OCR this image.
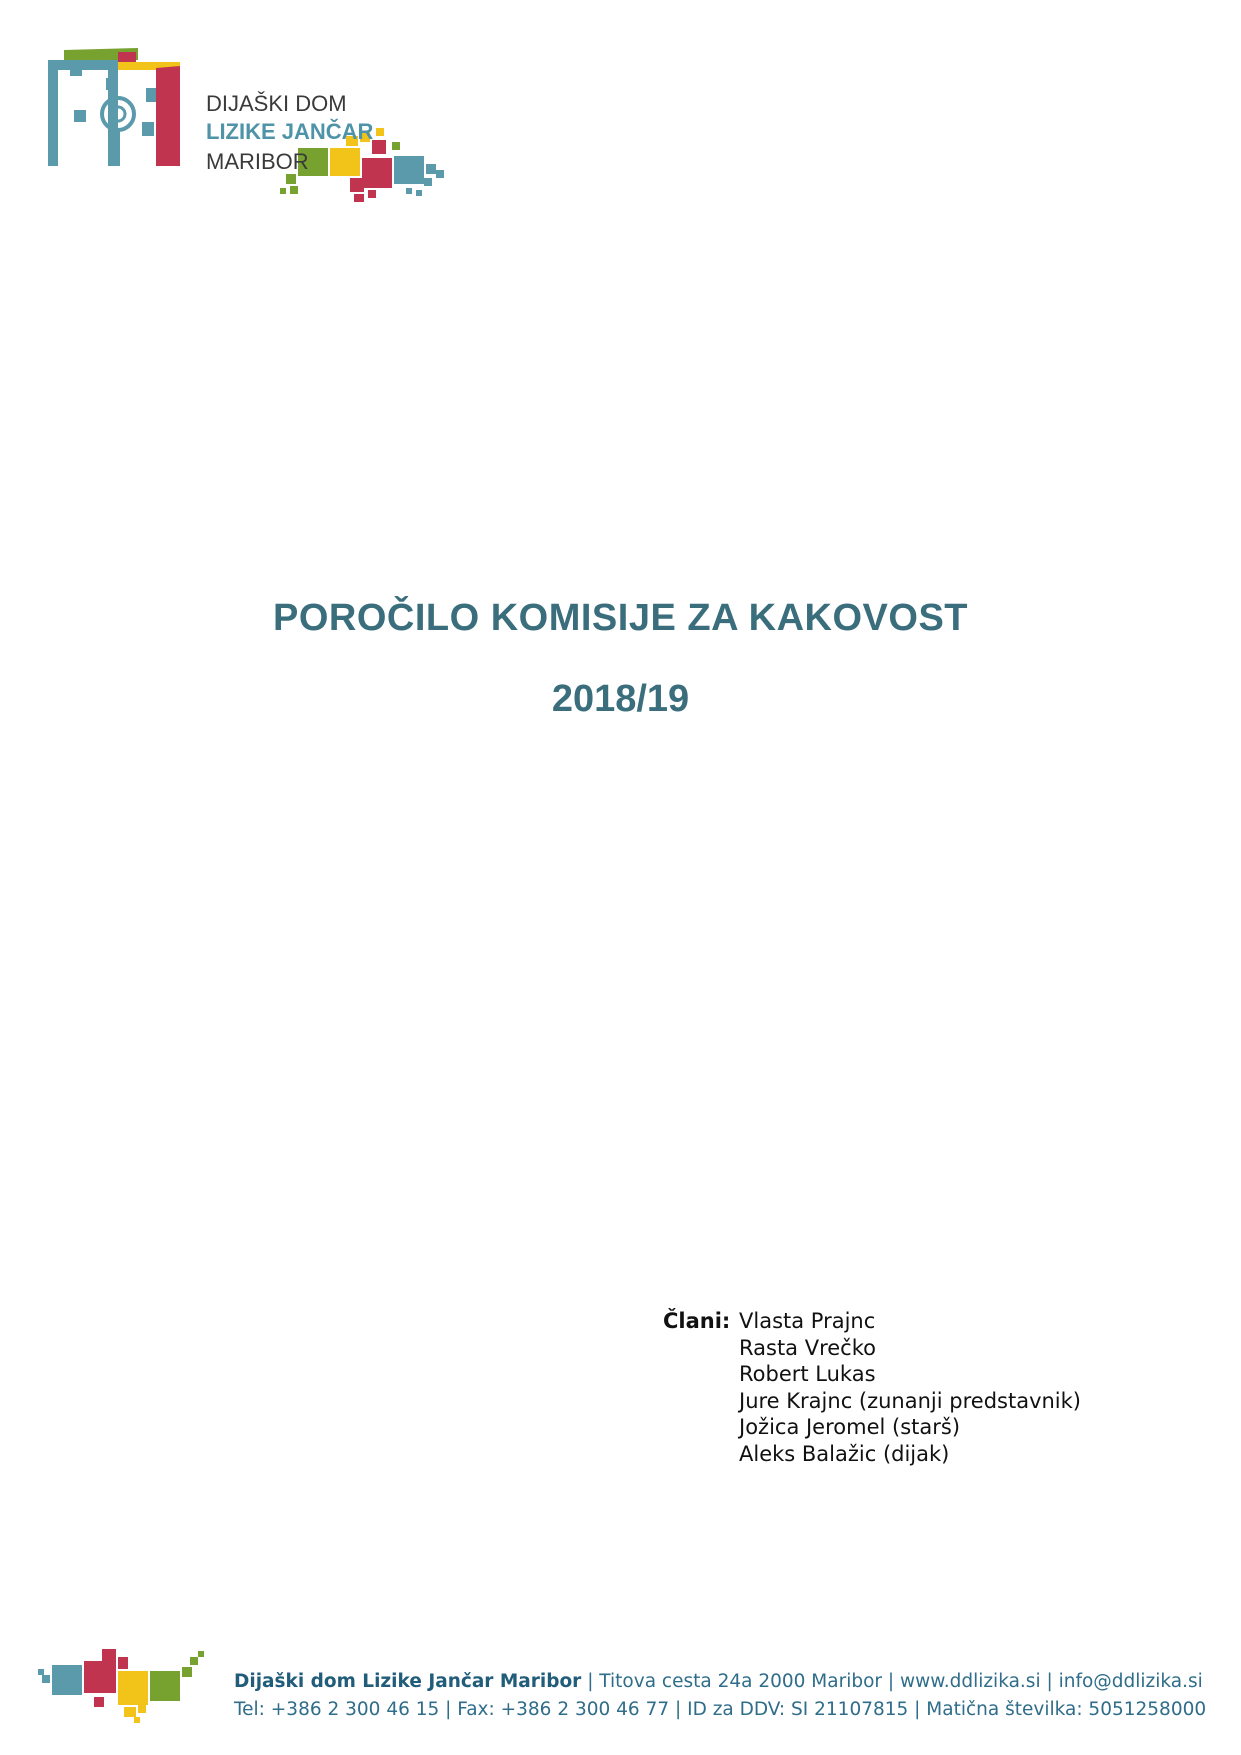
DIJAŠKI DOM
LIZIKE JANČAR
MARIBOR
POROČILO KOMISIJE ZA KAKOVOST
2018/19
Člani: Vlasta Prajnc
Rasta Vrečko
Robert Lukas
Jure Krajnc (zunanji predstavnik)
Jožica Jeromel (starš)
Aleks Balažic (dijak)
Dijaški dom Lizike Jančar Maribor | Titova cesta 24a 2000 Maribor | www.ddlizika.si | info@ddlizika.si
Tel: +386 2 300 46 15 | Fax: +386 2 300 46 77 | ID za DDV: SI 21107815 | Matična številka: 5051258000
